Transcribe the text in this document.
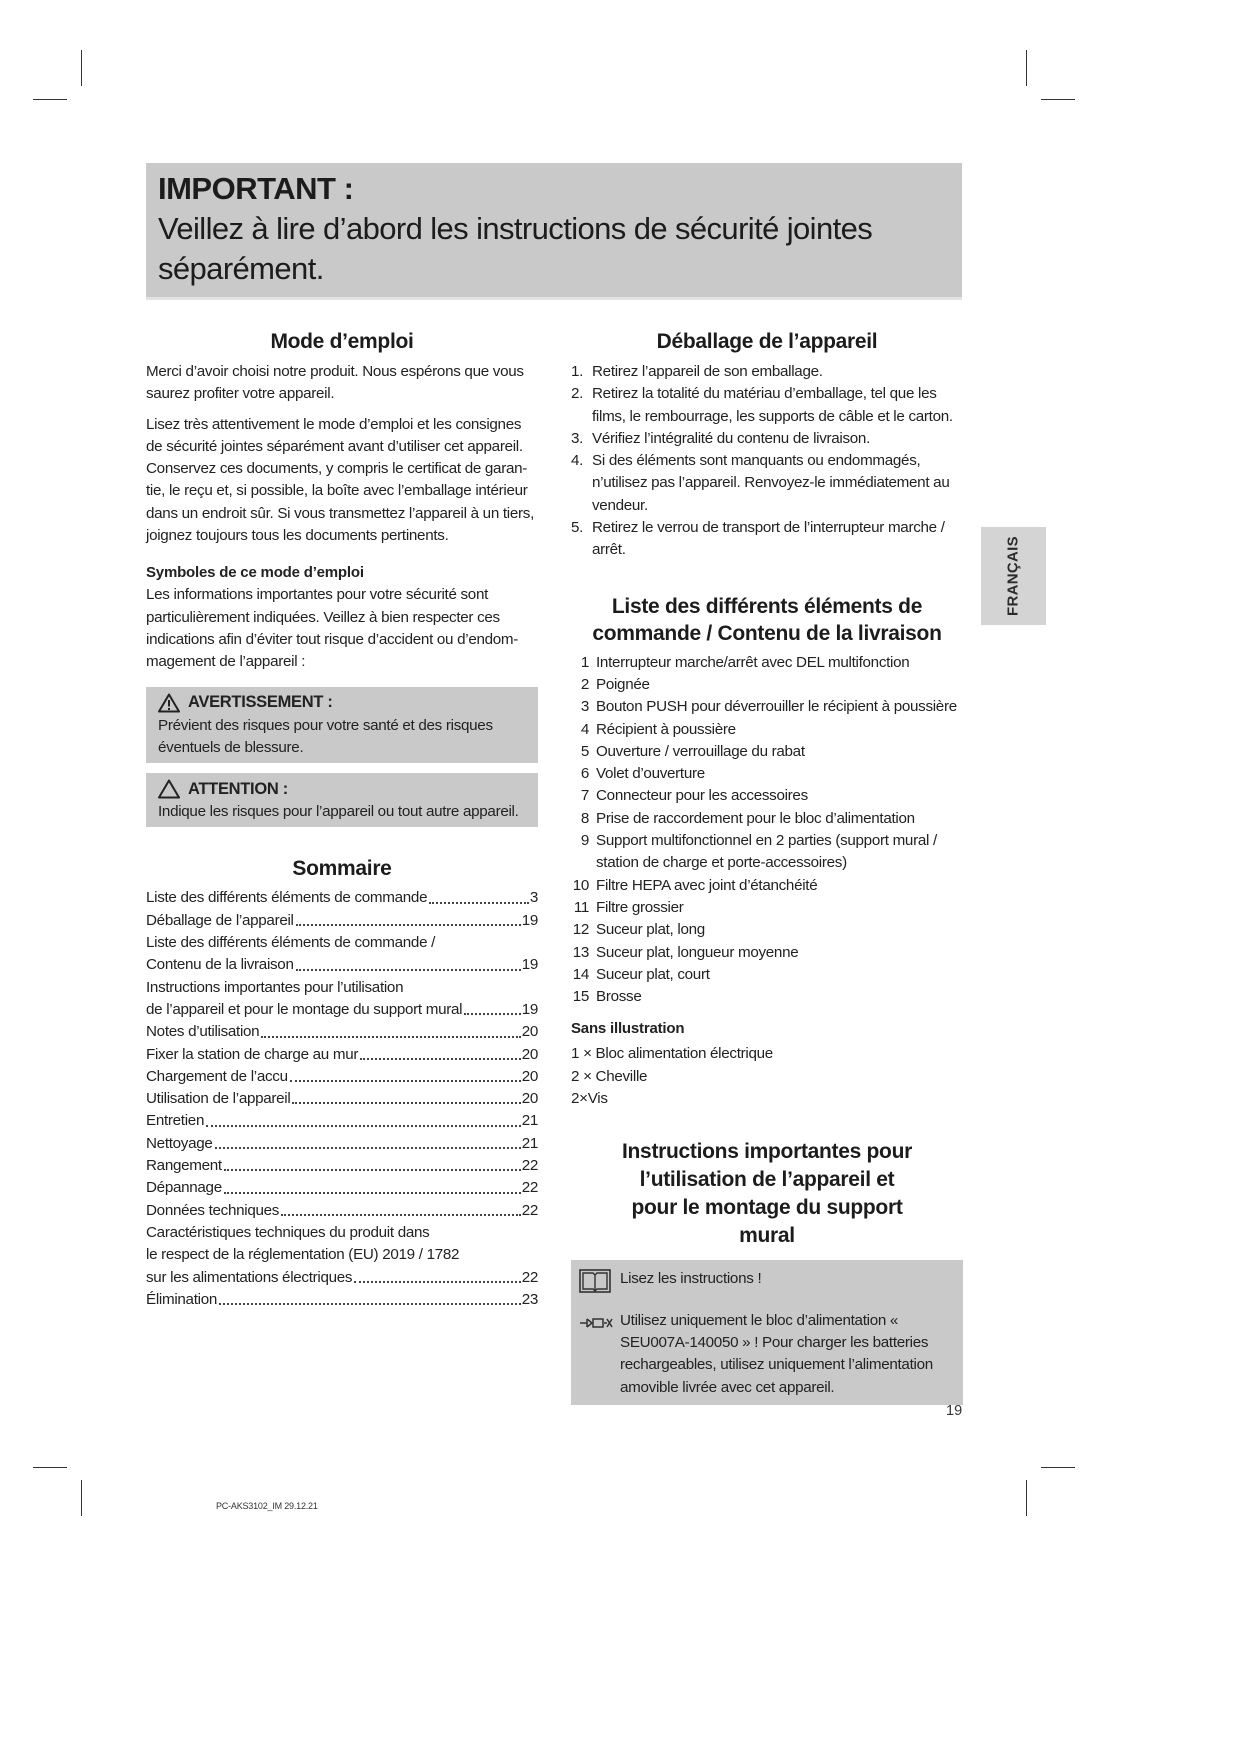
IMPORTANT :
Veillez à lire d’abord les instructions de sécurité jointes séparément.
Mode d’emploi

Merci d’avoir choisi notre produit. Nous espérons que vous saurez profiter votre appareil.

Lisez très attentivement le mode d’emploi et les consignes de sécurité jointes séparément avant d’utiliser cet appareil. Conservez ces documents, y compris le certificat de garantie, le reçu et, si possible, la boîte avec l’emballage intérieur dans un endroit sûr. Si vous transmettez l’appareil à un tiers, joignez toujours tous les documents pertinents.

Symboles de ce mode d’emploi

Les informations importantes pour votre sécurité sont particulièrement indiquées. Veillez à bien respecter ces indications afin d’éviter tout risque d’accident ou d’endommagement de l’appareil :

AVERTISSEMENT :

Prévient des risques pour votre santé et des risques éventuels de blessure.

ATTENTION :

Indique les risques pour l’appareil ou tout autre appareil.

Sommaire
Liste des différents éléments de commande	3
Déballage de l’appareil	19
Liste des différents éléments de commande /
Contenu de la livraison	19
Instructions importantes pour l’utilisation
de l’appareil et pour le montage du support mural	19
Notes d’utilisation	20
Fixer la station de charge au mur	20
Chargement de l’accu	20
Utilisation de l’appareil	20
Entretien	21
Nettoyage	21
Rangement	22
Dépannage	22
Données techniques	22
Caractéristiques techniques du produit dans
le respect de la réglementation (EU) 2019 / 1782
sur les alimentations électriques	22
Élimination	23
Déballage de l’appareil
1. Retirez l’appareil de son emballage.
2. Retirez la totalité du matériau d’emballage, tel que les films, le rembourrage, les supports de câble et le carton.
3. Vérifiez l’intégralité du contenu de livraison.
4. Si des éléments sont manquants ou endommagés, n’utilisez pas l’appareil. Renvoyez-le immédiatement au vendeur.
5. Retirez le verrou de transport de l’interrupteur marche / arrêt.
Liste des différents éléments de commande / Contenu de la livraison
1 Interrupteur marche/arrêt avec DEL multifonction
2 Poignée
3 Bouton PUSH pour déverrouiller le récipient à poussière
4 Récipient à poussière
5 Ouverture / verrouillage du rabat
6 Volet d’ouverture
7 Connecteur pour les accessoires
8 Prise de raccordement pour le bloc d’alimentation
9 Support multifonctionnel en 2 parties (support mural / station de charge et porte-accessoires)
10 Filtre HEPA avec joint d’étanchéité
11 Filtre grossier
12 Suceur plat, long
13 Suceur plat, longueur moyenne
14 Suceur plat, court
15 Brosse
Sans illustration
1 × Bloc alimentation électrique
2 × Cheville
2×Vis
Instructions importantes pour l’utilisation de l’appareil et pour le montage du support mural
Lisez les instructions !
Utilisez uniquement le bloc d’alimentation « SEU007A-140050 » ! Pour charger les batteries rechargeables, utilisez uniquement l’alimentation amovible livrée avec cet appareil.
FRANÇAIS
19
PC-AKS3102_IM 29.12.21
